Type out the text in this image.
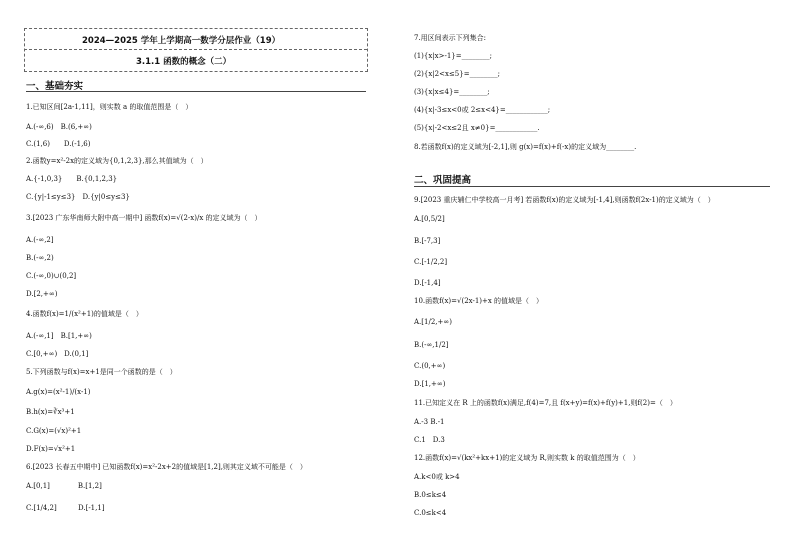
2024—2025 学年上学期高一数学分层作业（19）
3.1.1 函数的概念（二）
一、基础夯实
1.已知区间[2a-1,11]，则实数 a 的取值范围是（　）
A.(-∞,6)　B.(6,+∞)
C.(1,6)　　D.(-1,6)
2.函数y=x²-2x的定义域为{0,1,2,3},那么其值域为（　）
A.{-1,0,3}　　B.{0,1,2,3}
C.{y|-1≤y≤3}　D.{y|0≤y≤3}
3.[2023 广东华南师大附中高一期中] 函数f(x)=√(2-x)/x 的定义域为（　）
A.(-∞,2]
B.(-∞,2)
C.(-∞,0)∪(0,2]
D.[2,+∞)
4.函数f(x)=1/(x²+1)的值域是（　）
A.(-∞,1]　B.[1,+∞)
C.[0,+∞)　D.(0,1]
5.下列函数与f(x)=x+1是同一个函数的是（　）
A.g(x)=(x²-1)/(x-1)
B.h(x)=∛x³+1
C.G(x)=(√x)²+1
D.F(x)=√x²+1
6.[2023 长春五中期中] 已知函数f(x)=x²-2x+2的值域是[1,2],则其定义域不可能是（　）
A.[0,1]　　　　B.[1,2]
C.[1/4,2]	D.[-1,1]
7.用区间表示下列集合:
(1){x|x>-1}=________;
(2){x|2<x≤5}=________;
(3){x|x≤4}=________;
(4){x|-3≤x<0或 2≤x<4}=____________;
(5){x|-2<x≤2且 x≠0}=____________.
8.若函数f(x)的定义域为[-2,1],则 g(x)=f(x)+f(-x)的定义域为________.
二、巩固提高
9.[2023 重庆辅仁中学校高一月考] 若函数f(x)的定义域为[-1,4],则函数f(2x-1)的定义域为（　）
A.[0,5/2]
B.[-7,3]
C.[-1/2,2]
D.[-1,4]
10.函数f(x)=√(2x-1)+x 的值域是（　）
A.[1/2,+∞)
B.(-∞,1/2]
C.(0,+∞)
D.[1,+∞)
11.已知定义在 R 上的函数f(x)满足,f(4)=7,且 f(x+y)=f(x)+f(y)+1,则f(2)=（　）
A.-3 B.-1
C.1　D.3
12.函数f(x)=√(kx²+kx+1)的定义域为 R,则实数 k 的取值范围为（　）
A.k<0或 k>4
B.0≤k≤4
C.0≤k<4
